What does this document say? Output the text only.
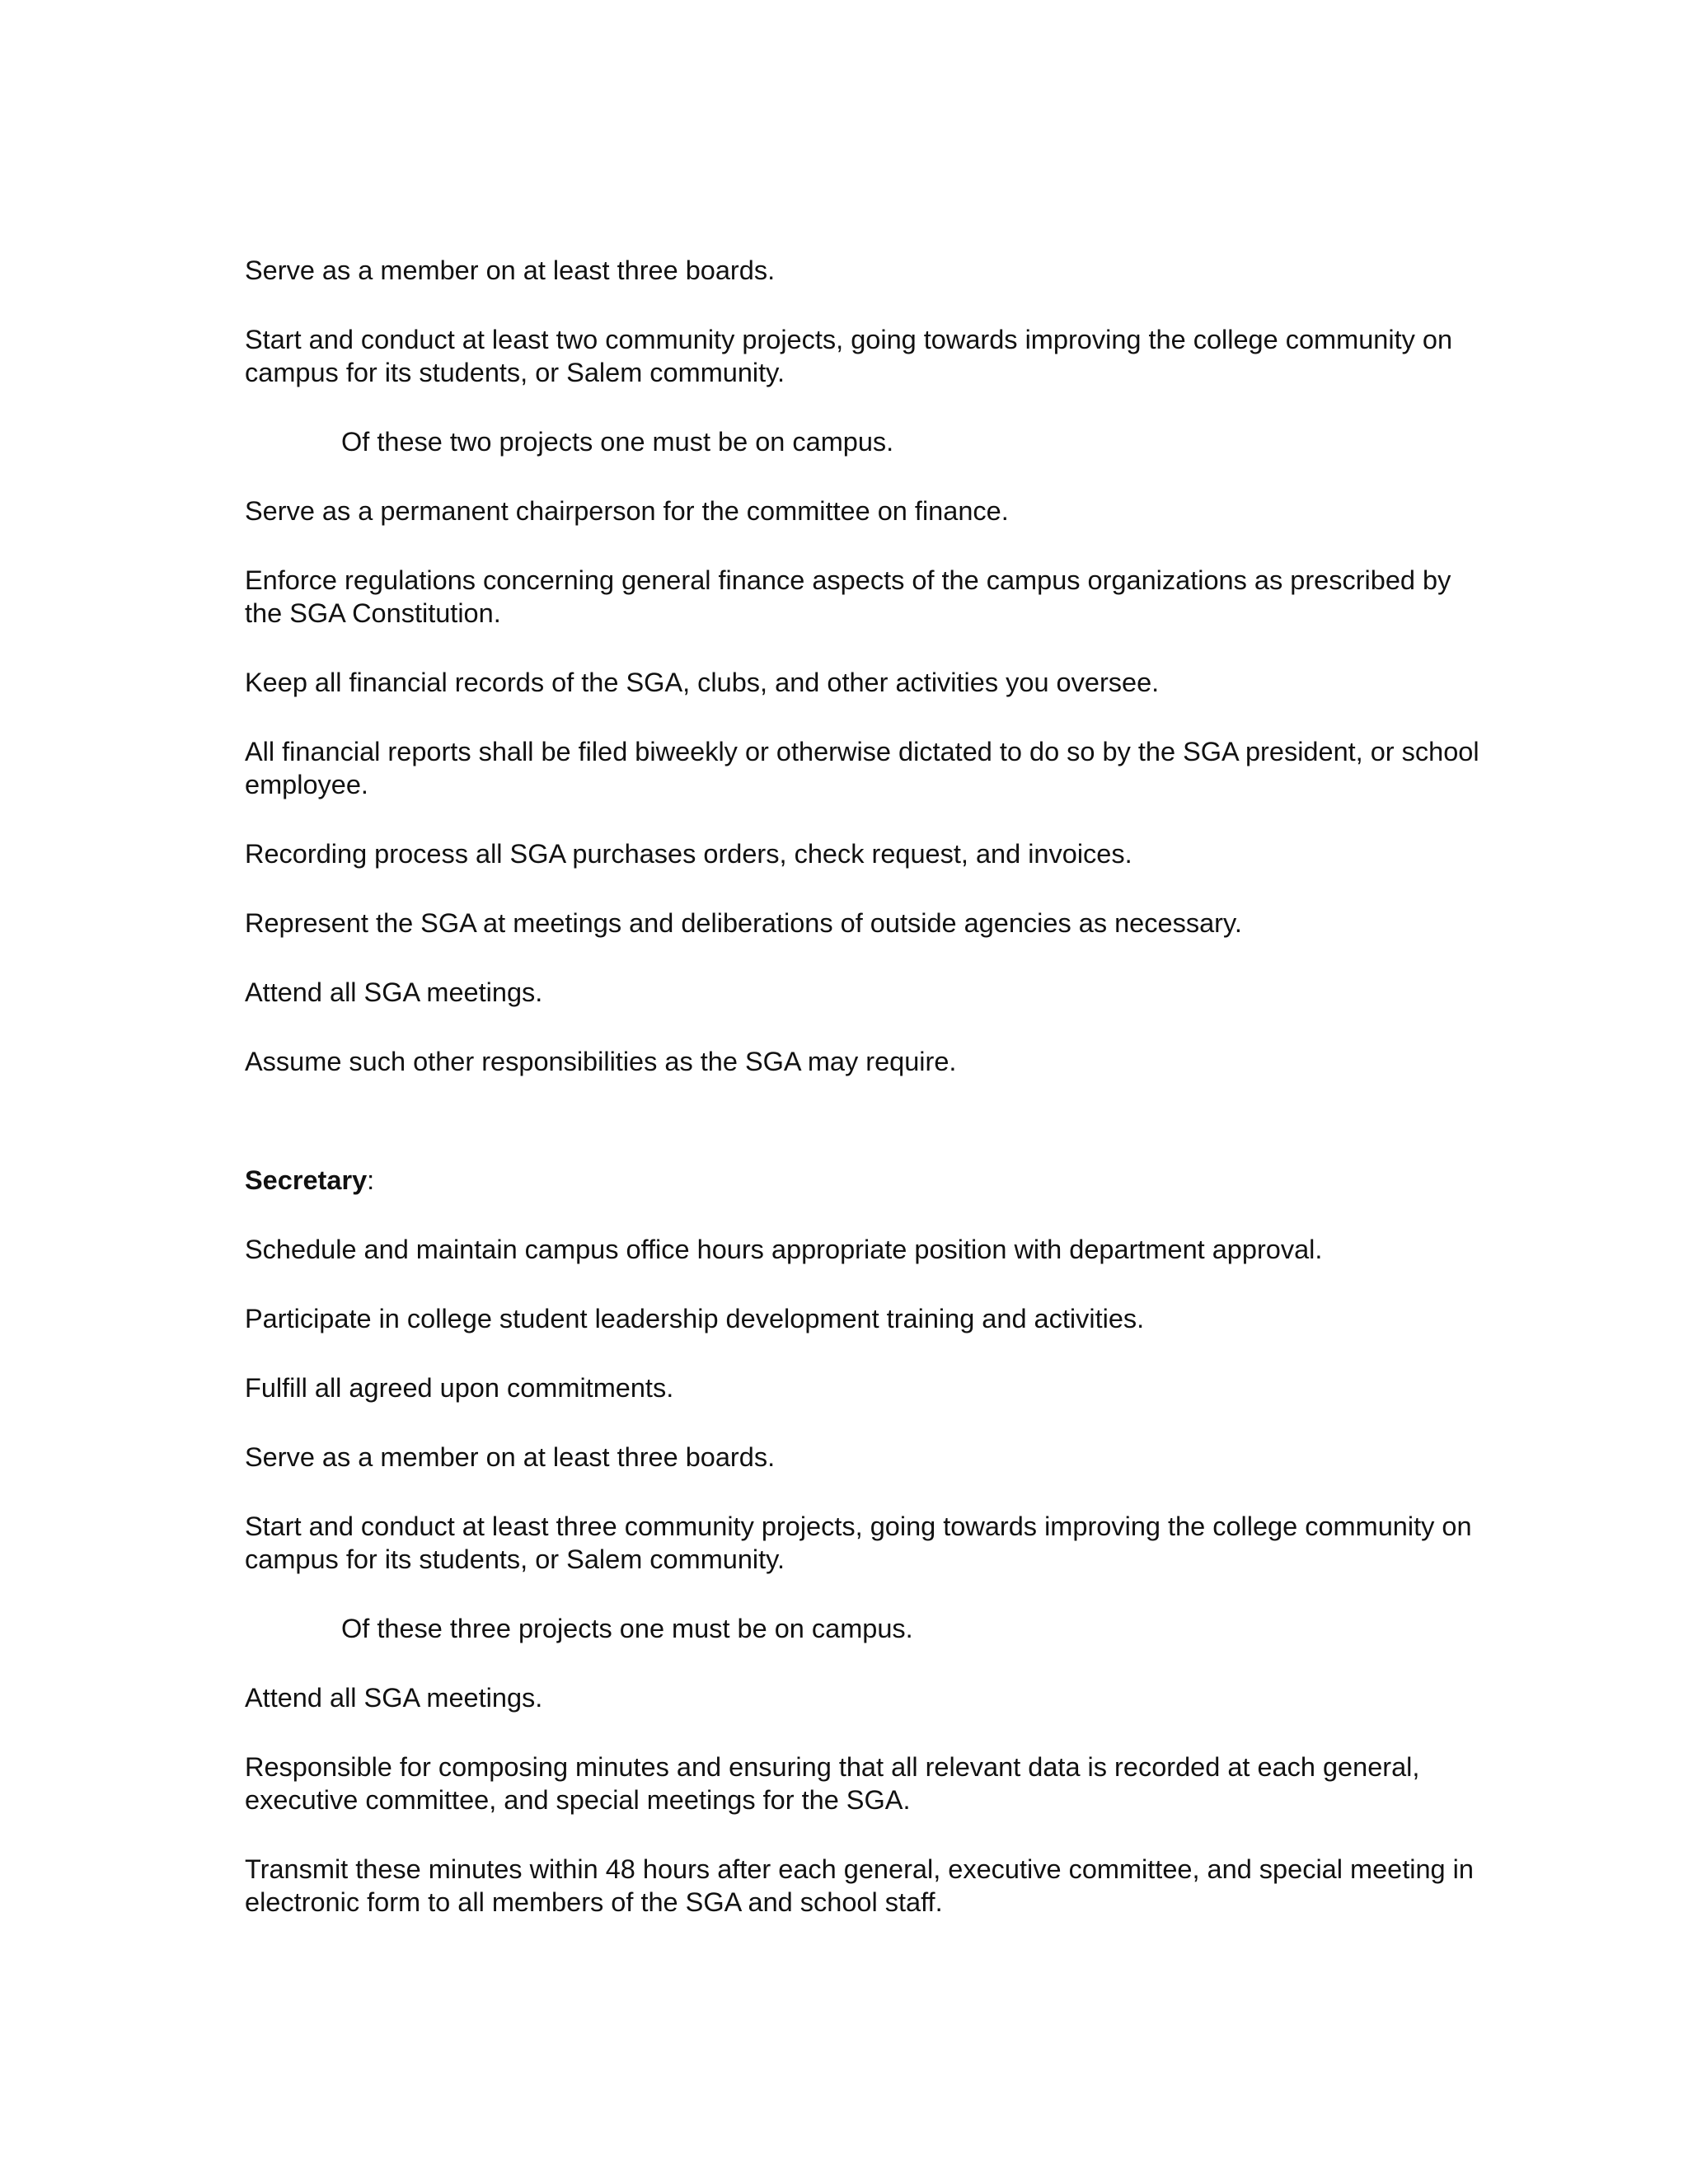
Serve as a member on at least three boards.

Start and conduct at least two community projects, going towards improving the college community on campus for its students, or Salem community.

Of these two projects one must be on campus.

Serve as a permanent chairperson for the committee on finance.

Enforce regulations concerning general finance aspects of the campus organizations as prescribed by the SGA Constitution.

Keep all financial records of the SGA, clubs, and other activities you oversee.

All financial reports shall be filed biweekly or otherwise dictated to do so by the SGA president, or school employee.

Recording process all SGA purchases orders, check request, and invoices.

Represent the SGA at meetings and deliberations of outside agencies as necessary.

Attend all SGA meetings.

Assume such other responsibilities as the SGA may require.

Secretary:

Schedule and maintain campus office hours appropriate position with department approval.

Participate in college student leadership development training and activities.

Fulfill all agreed upon commitments.

Serve as a member on at least three boards.

Start and conduct at least three community projects, going towards improving the college community on campus for its students, or Salem community.

Of these three projects one must be on campus.

Attend all SGA meetings.

Responsible for composing minutes and ensuring that all relevant data is recorded at each general, executive committee, and special meetings for the SGA.

Transmit these minutes within 48 hours after each general, executive committee, and special meeting in electronic form to all members of the SGA and school staff.
